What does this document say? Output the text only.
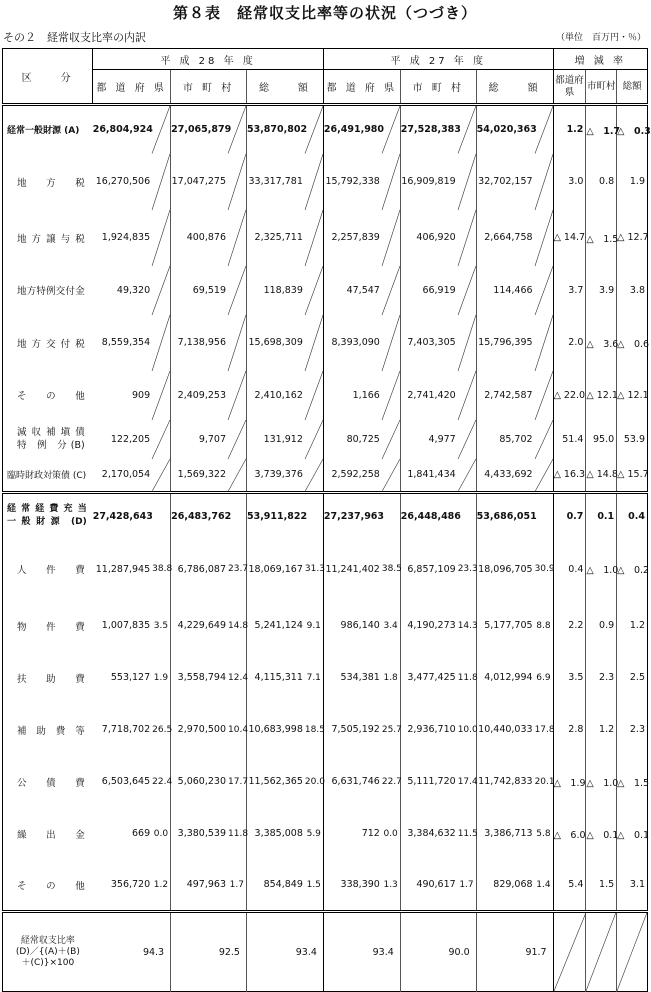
第８表　経常収支比率等の状況（つづき）
その２　経常収支比率の内訳	（単位　百万円・％）
区　　分	平 成 28 年 度						平 成 27 年 度						増 減 率		
	都 道 府 県		市 町 村		総　　額		都 道 府 県		市 町 村		総　　額		都道府県	市町村	総額
経常一般財源 (A)	26,804,924		27,065,879		53,870,802		26,491,980		27,528,383		54,020,363		1.2	△　1.7	△　0.3
地　方　税	16,270,506		17,047,275		33,317,781		15,792,338		16,909,819		32,702,157		3.0	0.8	1.9
地 方 譲 与 税	1,924,835		400,876		2,325,711		2,257,839		406,920		2,664,758		△ 14.7	△　1.5	△ 12.7
地方特例交付金	49,320		69,519		118,839		47,547		66,919		114,466		3.7	3.9	3.8
地 方 交 付 税	8,559,354		7,138,956		15,698,309		8,393,090		7,403,305		15,796,395		2.0	△　3.6	△　0.6
そ　の　他	909		2,409,253		2,410,162		1,166		2,741,420		2,742,587		△ 22.0	△ 12.1	△ 12.1
減 収 補 塡 債 特　例　分 (B)	122,205		9,707		131,912		80,725		4,977		85,702		51.4	95.0	53.9
臨時財政対策債 (C)	2,170,054		1,569,322		3,739,376		2,592,258		1,841,434		4,433,692		△ 16.3	△ 14.8	△ 15.7
経 常 経 費 充 当 一 般 財 源　(D)	27,428,643		26,483,762		53,911,822		27,237,963		26,448,486		53,686,051		0.7	0.1	0.4
人　件　費	11,287,945	38.8	6,786,087	23.7	18,069,167	31.3	11,241,402	38.5	6,857,109	23.3	18,096,705	30.9	0.4	△　1.0	△　0.2
物　件　費	1,007,835	3.5	4,229,649	14.8	5,241,124	9.1	986,140	3.4	4,190,273	14.3	5,177,705	8.8	2.2	0.9	1.2
扶　助　費	553,127	1.9	3,558,794	12.4	4,115,311	7.1	534,381	1.8	3,477,425	11.8	4,012,994	6.9	3.5	2.3	2.5
補 助 費 等	7,718,702	26.5	2,970,500	10.4	10,683,998	18.5	7,505,192	25.7	2,936,710	10.0	10,440,033	17.8	2.8	1.2	2.3
公　債　費	6,503,645	22.4	5,060,230	17.7	11,562,365	20.0	6,631,746	22.7	5,111,720	17.4	11,742,833	20.1	△　1.9	△　1.0	△　1.5
繰　出　金	669	0.0	3,380,539	11.8	3,385,008	5.9	712	0.0	3,384,632	11.5	3,386,713	5.8	△　6.0	△　0.1	△　0.1
そ　の　他	356,720	1.2	497,963	1.7	854,849	1.5	338,390	1.3	490,617	1.7	829,068	1.4	5.4	1.5	3.1

経常収支比率
(D)／{(A)＋(B)
＋(C)}×100	94.3		92.5		93.4		93.4		90.0		91.7	
